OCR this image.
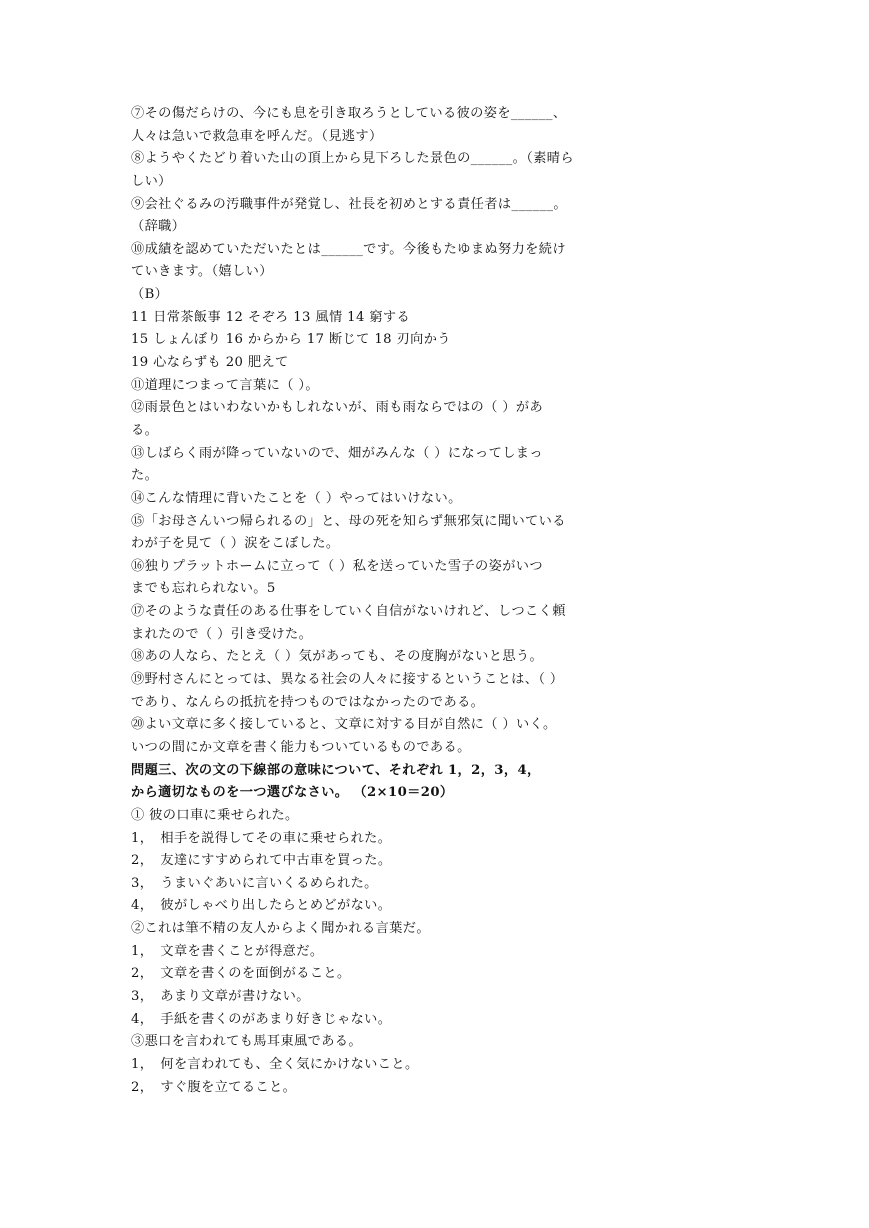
⑦その傷だらけの、今にも息を引き取ろうとしている彼の姿を______、
人々は急いで救急車を呼んだ。（見逃す）
⑧ようやくたどり着いた山の頂上から見下ろした景色の______。（素晴ら
しい）
⑨会社ぐるみの汚職事件が発覚し、社長を初めとする責任者は______。
（辞職）
⑩成績を認めていただいたとは______です。今後もたゆまぬ努力を続け
ていきます。（嬉しい）
（B）
11 日常茶飯事 12 そぞろ 13 風情 14 窮する
15 しょんぼり 16 からから 17 断じて 18 刃向かう
19 心ならずも 20 肥えて
⑪道理につまって言葉に（ ）。
⑫雨景色とはいわないかもしれないが、雨も雨ならではの（ ）があ
る。
⑬しばらく雨が降っていないので、畑がみんな（ ）になってしまっ
た。
⑭こんな情理に背いたことを（ ）やってはいけない。
⑮「お母さんいつ帰られるの」と、母の死を知らず無邪気に聞いている
わが子を見て（ ）涙をこぼした。
⑯独りプラットホームに立って（ ）私を送っていた雪子の姿がいつ
までも忘れられない。5
⑰そのような責任のある仕事をしていく自信がないけれど、しつこく頼
まれたので（ ）引き受けた。
⑱あの人なら、たとえ（ ）気があっても、その度胸がないと思う。
⑲野村さんにとっては、異なる社会の人々に接するということは、（ ）
であり、なんらの抵抗を持つものではなかったのである。
⑳よい文章に多く接していると、文章に対する目が自然に（ ）いく。
いつの間にか文章を書く能力もついているものである。
問題三、次の文の下線部の意味について、それぞれ 1，2，3，4，
から適切なものを一つ選びなさい。 （2×10＝20）
① 彼の口車に乗せられた。
1，　相手を説得してその車に乗せられた。
2，　友達にすすめられて中古車を買った。
3，　うまいぐあいに言いくるめられた。
4，　彼がしゃべり出したらとめどがない。
②これは筆不精の友人からよく聞かれる言葉だ。
1，　文章を書くことが得意だ。
2，　文章を書くのを面倒がること。
3，　あまり文章が書けない。
4，　手紙を書くのがあまり好きじゃない。
③悪口を言われても馬耳東風である。
1，　何を言われても、全く気にかけないこと。
2，　すぐ腹を立てること。
